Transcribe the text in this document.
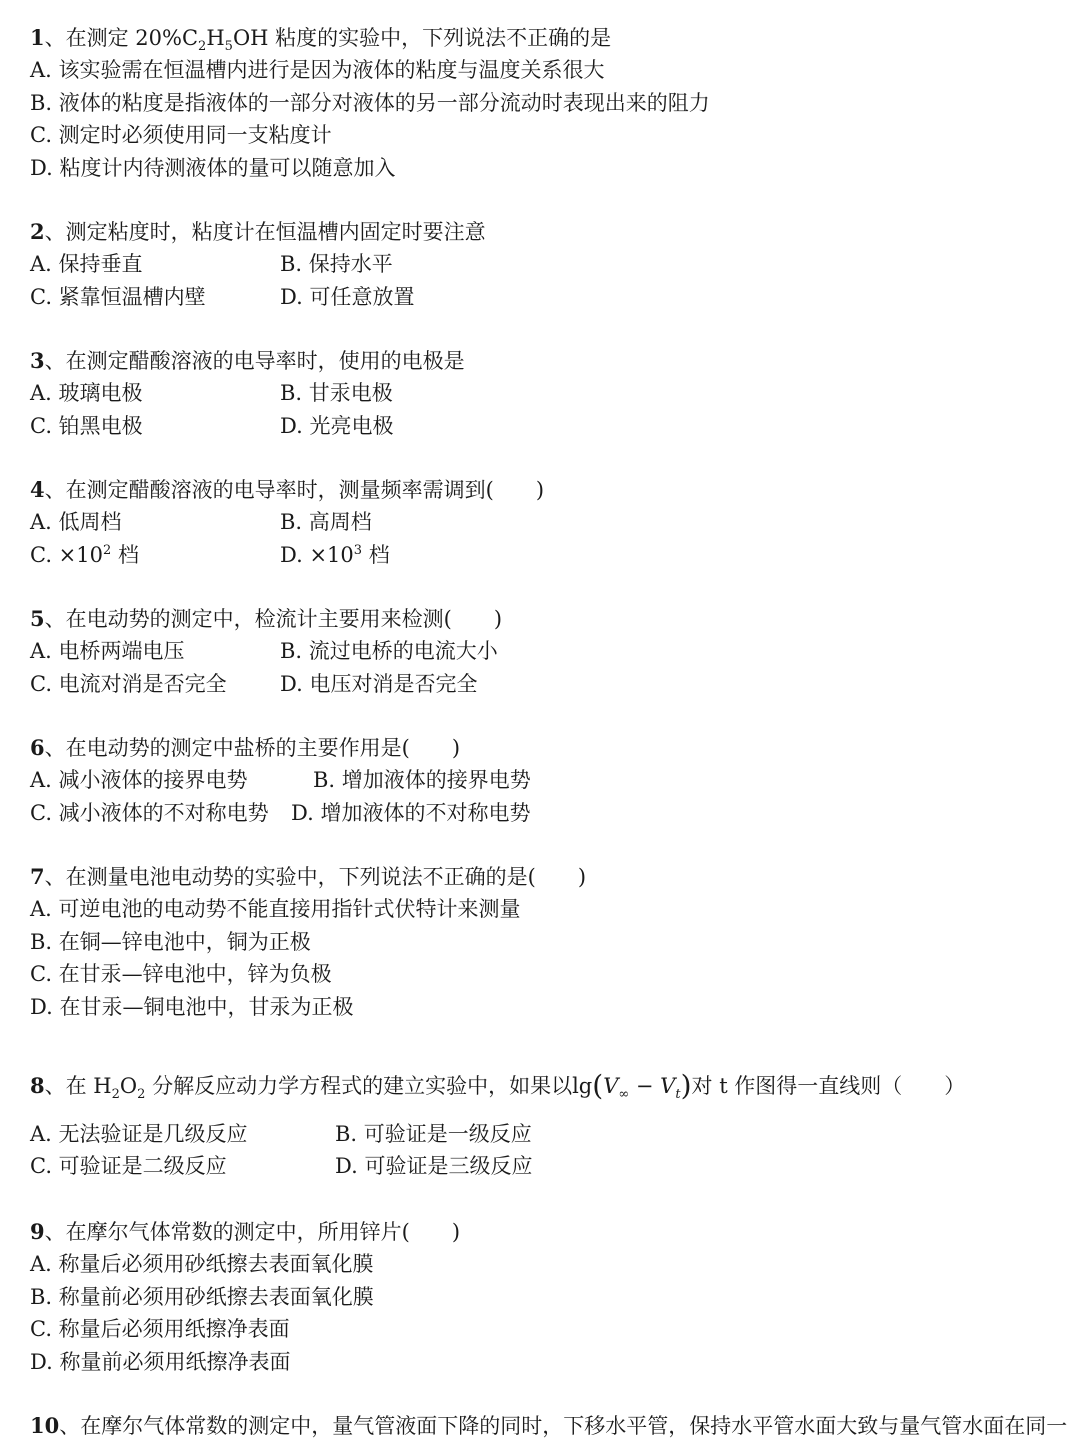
1、在测定 $20\%C_2H_5OH$ 粘度的实验中，下列说法不正确的是
A. 该实验需在恒温槽内进行是因为液体的粘度与温度关系很大
B. 液体的粘度是指液体的一部分对液体的另一部分流动时表现出来的阻力
C. 测定时必须使用同一支粘度计
D. 粘度计内待测液体的量可以随意加入
2、测定粘度时，粘度计在恒温槽内固定时要注意
A. 保持垂直	B. 保持水平
C. 紧靠恒温槽内壁	D. 可任意放置
3、在测定醋酸溶液的电导率时，使用的电极是
A. 玻璃电极	B. 甘汞电极
C. 铂黑电极	D. 光亮电极
4、在测定醋酸溶液的电导率时，测量频率需调到(　　)
A. 低周档	B. 高周档
C. $\times 10^2$ 档	D. $\times 10^3$ 档
5、在电动势的测定中，检流计主要用来检测(　　)
A. 电桥两端电压	B. 流过电桥的电流大小
C. 电流对消是否完全	D. 电压对消是否完全
6、在电动势的测定中盐桥的主要作用是(　　)
A. 减小液体的接界电势	B. 增加液体的接界电势
C. 减小液体的不对称电势 D. 增加液体的不对称电势
7、在测量电池电动势的实验中，下列说法不正确的是(　　)
A. 可逆电池的电动势不能直接用指针式伏特计来测量
B. 在铜—锌电池中，铜为正极
C. 在甘汞—锌电池中，锌为负极
D. 在甘汞—铜电池中，甘汞为正极
8、在 $H_2O_2$ 分解反应动力学方程式的建立实验中，如果以$\lg(V_\infty - V_t)$对 t 作图得一直线则（　　）
A. 无法验证是几级反应	B. 可验证是一级反应
C. 可验证是二级反应	D. 可验证是三级反应
9、在摩尔气体常数的测定中，所用锌片(　　)
A. 称量后必须用砂纸擦去表面氧化膜
B. 称量前必须用砂纸擦去表面氧化膜
C. 称量后必须用纸擦净表面
D. 称量前必须用纸擦净表面
10、在摩尔气体常数的测定中，量气管液面下降的同时，下移水平管，保持水平管水面大致与量气管水面在同一
